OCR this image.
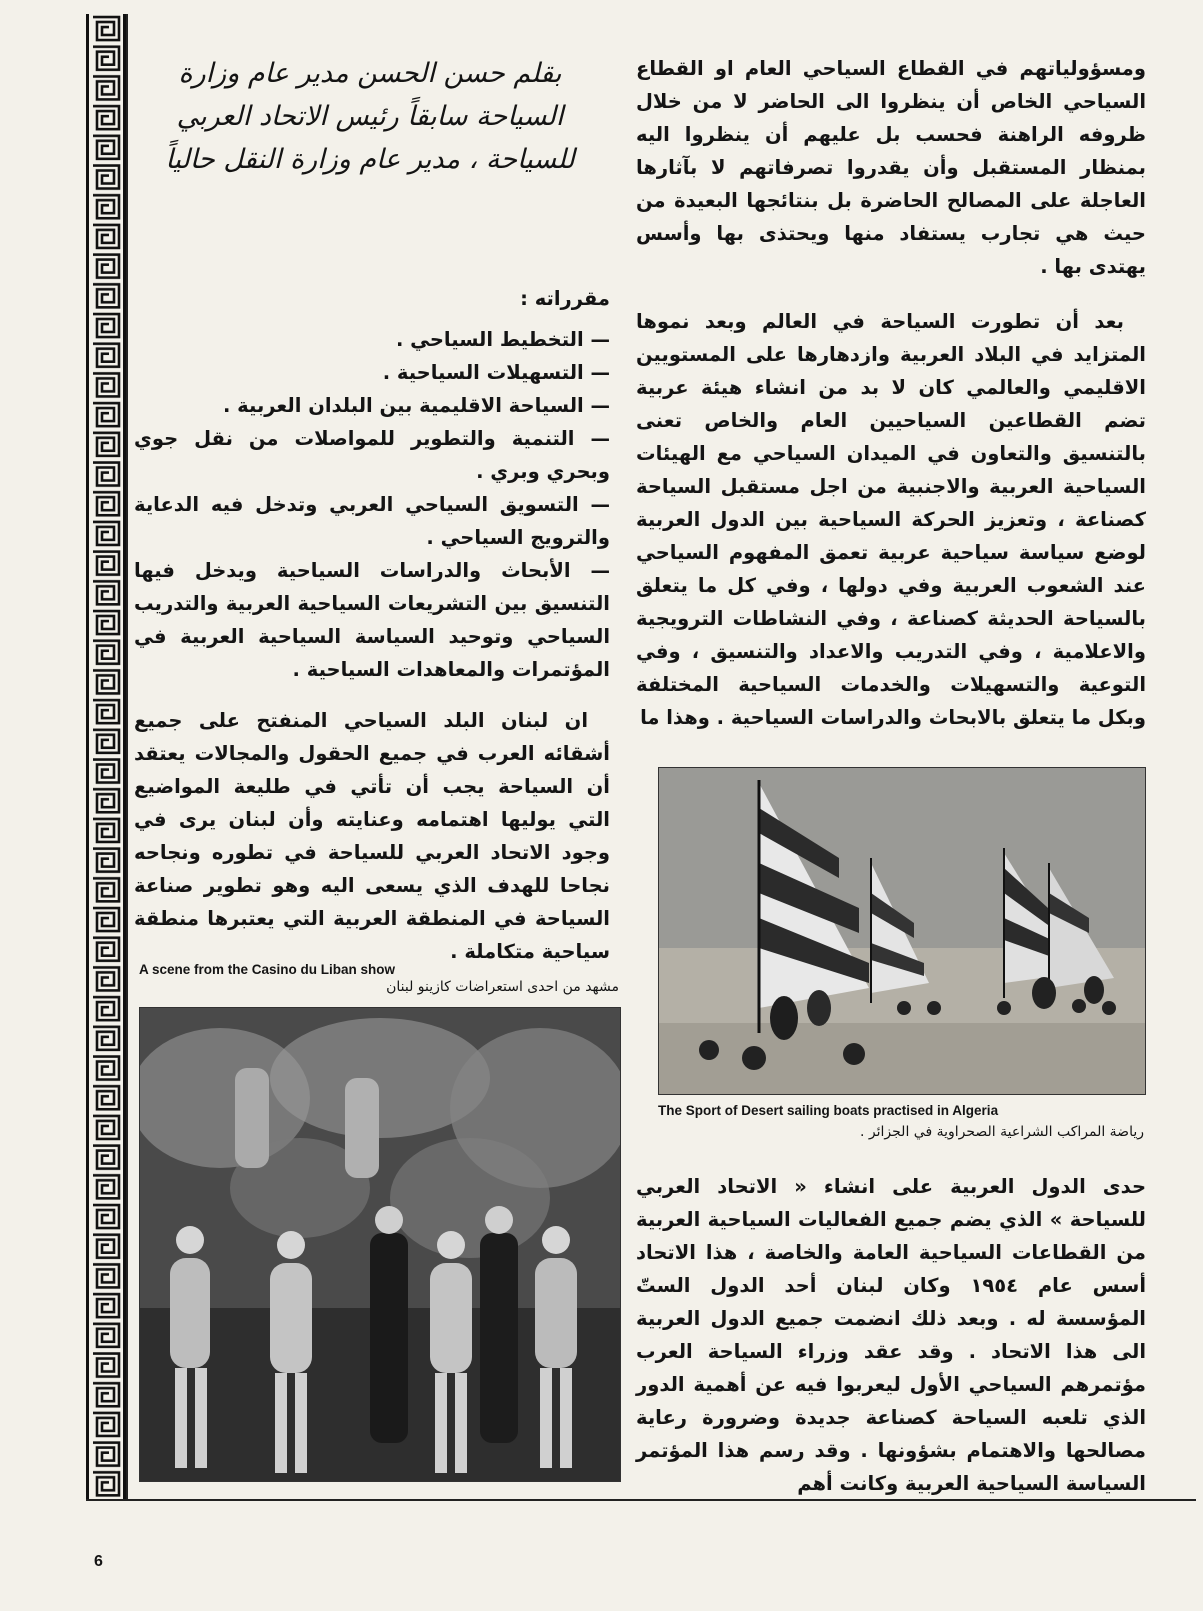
بقلم حسن الحسن مدير عام وزارة السياحة سابقاً رئيس الاتحاد العربي للسياحة ، مدير عام وزارة النقل حالياً

ومسؤولياتهم في القطاع السياحي العام او القطاع السياحي الخاص أن ينظروا الى الحاضر لا من خلال ظروفه الراهنة فحسب بل عليهم أن ينظروا اليه بمنظار المستقبل وأن يقدروا تصرفاتهم لا بآثارها العاجلة على المصالح الحاضرة بل بنتائجها البعيدة من حيث هي تجارب يستفاد منها ويحتذى بها وأسس يهتدى بها .

بعد أن تطورت السياحة في العالم وبعد نموها المتزايد في البلاد العربية وازدهارها على المستويين الاقليمي والعالمي كان لا بد من انشاء هيئة عربية تضم القطاعين السياحيين العام والخاص تعنى بالتنسيق والتعاون في الميدان السياحي مع الهيئات السياحية العربية والاجنبية من اجل مستقبل السياحة كصناعة ، وتعزيز الحركة السياحية بين الدول العربية لوضع سياسة سياحية عربية تعمق المفهوم السياحي عند الشعوب العربية وفي دولها ، وفي كل ما يتعلق بالسياحة الحديثة كصناعة ، وفي النشاطات الترويجية والاعلامية ، وفي التدريب والاعداد والتنسيق ، وفي التوعية والتسهيلات والخدمات السياحية المختلفة وبكل ما يتعلق بالابحاث والدراسات السياحية . وهذا ما

The Sport of Desert sailing boats practised in Algeria
رياضة المراكب الشراعية الصحراوية في الجزائر .

حدى الدول العربية على انشاء « الاتحاد العربي للسياحة » الذي يضم جميع الفعاليات السياحية العربية من القطاعات السياحية العامة والخاصة ، هذا الاتحاد أسس عام ١٩٥٤ وكان لبنان أحد الدول الستّ المؤسسة له . وبعد ذلك انضمت جميع الدول العربية الى هذا الاتحاد . وقد عقد وزراء السياحة العرب مؤتمرهم السياحي الأول ليعربوا فيه عن أهمية الدور الذي تلعبه السياحة كصناعة جديدة وضرورة رعاية مصالحها والاهتمام بشؤونها . وقد رسم هذا المؤتمر السياسة السياحية العربية وكانت أهم

مقرراته :

— التخطيط السياحي .
— التسهيلات السياحية .
— السياحة الاقليمية بين البلدان العربية .
— التنمية والتطوير للمواصلات من نقل جوي وبحري وبري .
— التسويق السياحي العربي وتدخل فيه الدعاية والترويج السياحي .
— الأبحاث والدراسات السياحية ويدخل فيها التنسيق بين التشريعات السياحية العربية والتدريب السياحي وتوحيد السياسة السياحية العربية في المؤتمرات والمعاهدات السياحية .

ان لبنان البلد السياحي المنفتح على جميع أشقائه العرب في جميع الحقول والمجالات يعتقد أن السياحة يجب أن تأتي في طليعة المواضيع التي يوليها اهتمامه وعنايته وأن لبنان يرى في وجود الاتحاد العربي للسياحة في تطوره ونجاحه نجاحا للهدف الذي يسعى اليه وهو تطوير صناعة السياحة في المنطقة العربية التي يعتبرها منطقة سياحية متكاملة .

A scene from the Casino du Liban show
مشهد من احدى استعراضات كازينو لبنان
6
